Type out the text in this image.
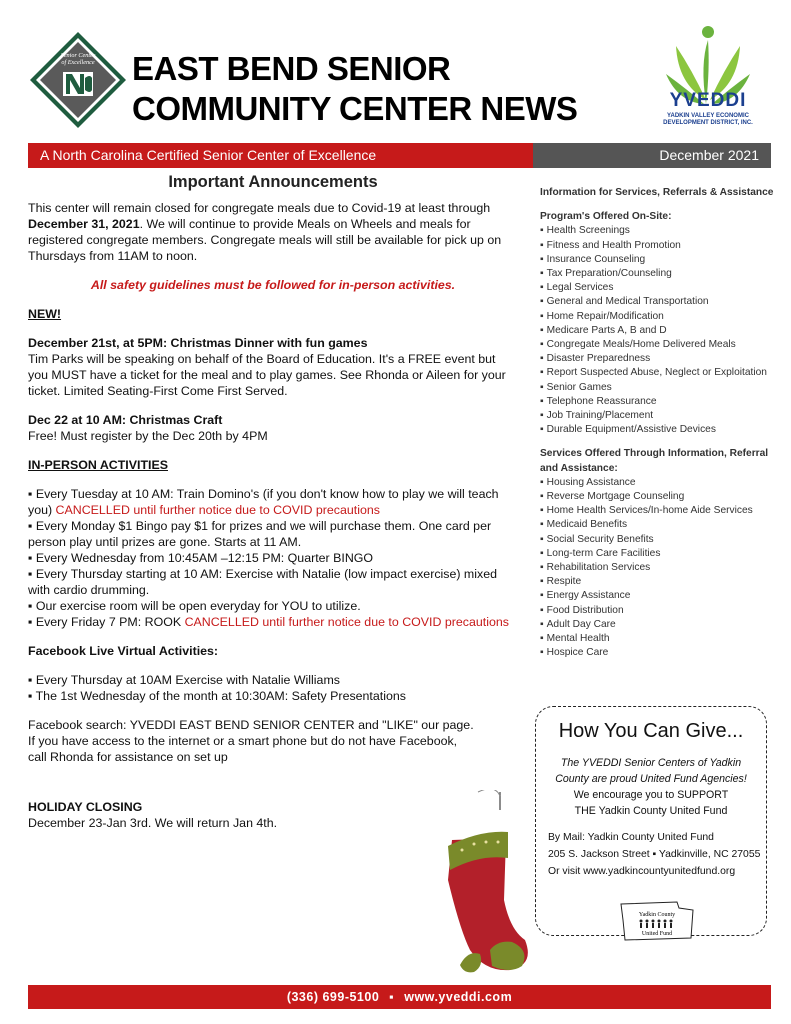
Senior Center
of Excellence EAST BEND SENIOR
COMMUNITY CENTER NEWS	YVEDDI
YADKIN VALLEY ECONOMIC DEVELOPMENT DISTRICT, INC.
A North Carolina Certified Senior Center of Excellence	December 2021

Important Announcements

This center will remain closed for congregate meals due to Covid-19 at least through December 31, 2021. We will continue to provide Meals on Wheels and meals for registered congregate members. Congregate meals will still be available for pick up on Thursdays from 11AM to noon.

All safety guidelines must be followed for in-person activities.

NEW!

December 21st, at 5PM: Christmas Dinner with fun games

Tim Parks will be speaking on behalf of the Board of Education. It's a FREE event but you MUST have a ticket for the meal and to play games. See Rhonda or Aileen for your ticket. Limited Seating-First Come First Served.

Dec 22 at 10 AM: Christmas Craft

Free! Must register by the Dec 20th by 4PM

IN-PERSON ACTIVITIES

▪ Every Tuesday at 10 AM: Train Domino's (if you don't know how to play we will teach you) CANCELLED until further notice due to COVID precautions

▪ Every Monday $1 Bingo pay $1 for prizes and we will purchase them. One card per person play until prizes are gone. Starts at 11 AM.

▪ Every Wednesday from 10:45AM –12:15 PM: Quarter BINGO

▪ Every Thursday starting at 10 AM: Exercise with Natalie (low impact exercise) mixed with cardio drumming.

▪ Our exercise room will be open everyday for YOU to utilize.

▪ Every Friday 7 PM: ROOK CANCELLED until further notice due to COVID precautions

Facebook Live Virtual Activities:

▪ Every Thursday at 10AM Exercise with Natalie Williams

▪ The 1st Wednesday of the month at 10:30AM: Safety Presentations

Facebook search: YVEDDI EAST BEND SENIOR CENTER and "LIKE" our page.

If you have access to the internet or a smart phone but do not have Facebook,

call Rhonda for assistance on set up

HOLIDAY CLOSING

December 23-Jan 3rd. We will return Jan 4th.

Information for Services, Referrals & Assistance
Program's Offered On-Site:
▪ Health Screenings
▪ Fitness and Health Promotion
▪ Insurance Counseling
▪ Tax Preparation/Counseling
▪ Legal Services
▪ General and Medical Transportation
▪ Home Repair/Modification
▪ Medicare Parts A, B and D
▪ Congregate Meals/Home Delivered Meals
▪ Disaster Preparedness
▪ Report Suspected Abuse, Neglect or Exploitation
▪ Senior Games
▪ Telephone Reassurance
▪ Job Training/Placement
▪ Durable Equipment/Assistive Devices
Services Offered Through Information, Referral and Assistance:
▪ Housing Assistance
▪ Reverse Mortgage Counseling
▪ Home Health Services/In-home Aide Services
▪ Medicaid Benefits
▪ Social Security Benefits
▪ Long-term Care Facilities
▪ Rehabilitation Services
▪ Respite
▪ Energy Assistance
▪ Food Distribution
▪ Adult Day Care
▪ Mental Health
▪ Hospice Care
How You Can Give...
The YVEDDI Senior Centers of Yadkin County are proud United Fund Agencies!
We encourage you to SUPPORT THE Yadkin County United Fund
By Mail: Yadkin County United Fund
205 S. Jackson Street ▪ Yadkinville, NC 27055
Or visit www.yadkincountyunitedfund.org
Yadkin County
United Fund
(336) 699-5100 ▪ www.yveddi.com
